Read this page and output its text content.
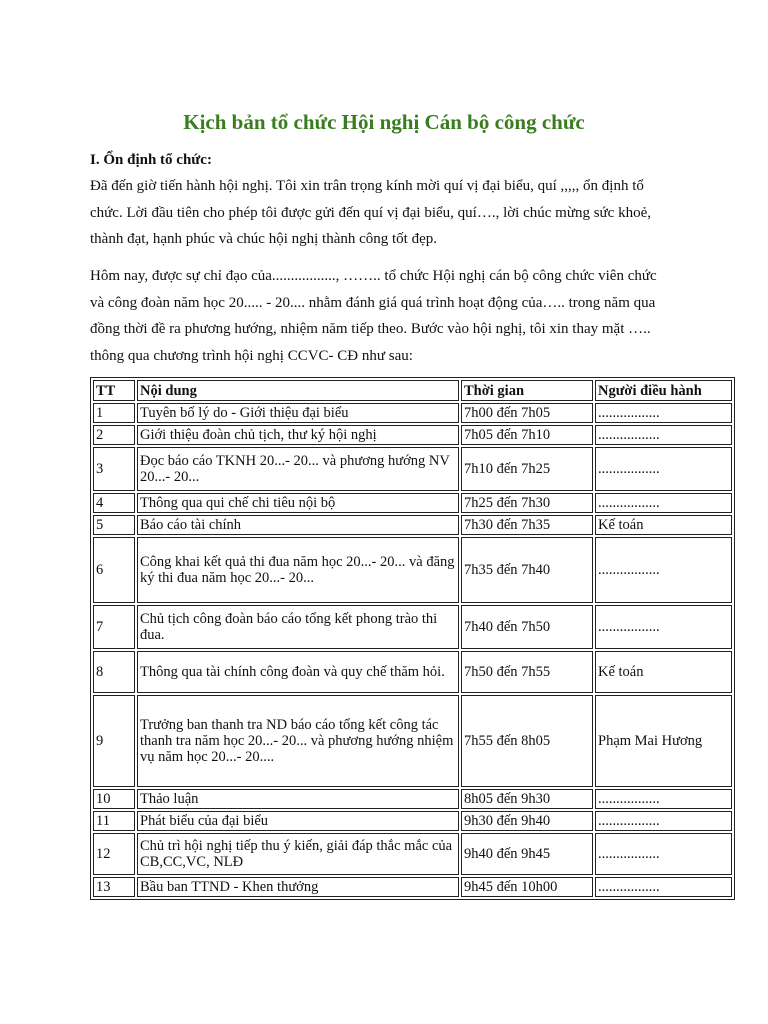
Kịch bản tổ chức Hội nghị Cán bộ công chức

I. Ổn định tổ chức:

Đã đến giờ tiến hành hội nghị. Tôi xin trân trọng kính mời quí vị đại biểu, quí ,,,,, ổn định tổ chức. Lời đầu tiên cho phép tôi được gửi đến quí vị đại biểu, quí…., lời chúc mừng sức khoẻ, thành đạt, hạnh phúc và chúc hội nghị thành công tốt đẹp.

Hôm nay, được sự chỉ đạo của................., …….. tổ chức Hội nghị cán bộ công chức viên chức và công đoàn năm học 20..... - 20.... nhằm đánh giá quá trình hoạt động của….. trong năm qua đồng thời đề ra phương hướng, nhiệm năm tiếp theo. Bước vào hội nghị, tôi xin thay mặt ….. thông qua chương trình hội nghị CCVC- CĐ như sau:

TT	Nội dung	Thời gian	Người điều hành
1	Tuyên bố lý do - Giới thiệu đại biểu	7h00 đến 7h05	.................
2	Giới thiệu đoàn chủ tịch, thư ký hội nghị	7h05 đến 7h10	.................
3	Đọc báo cáo TKNH 20...- 20... và phương hướng NV 20...- 20...	7h10 đến 7h25	.................
4	Thông qua qui chế chi tiêu nội bộ	7h25 đến 7h30	.................
5	Báo cáo tài chính	7h30 đến 7h35	Kế toán
6	Công khai kết quả thi đua năm học 20...- 20... và đăng ký thi đua năm học 20...- 20...	7h35 đến 7h40	.................
7	Chủ tịch công đoàn báo cáo tổng kết phong trào thi đua.	7h40 đến 7h50	.................
8	Thông qua tài chính công đoàn và quy chế thăm hỏi.	7h50 đến 7h55	Kế toán
9	Trưởng ban thanh tra ND báo cáo tổng kết công tác thanh tra năm học 20...- 20... và phương hướng nhiệm vụ năm học 20...- 20....	7h55 đến 8h05	Phạm Mai Hương
10	Thảo luận	8h05 đến 9h30	.................
11	Phát biểu của đại biểu	9h30 đến 9h40	.................
12	Chủ trì hội nghị tiếp thu ý kiến, giải đáp thắc mắc của CB,CC,VC, NLĐ	9h40 đến 9h45	.................
13	Bầu ban TTND - Khen thưởng	9h45 đến 10h00	.................
